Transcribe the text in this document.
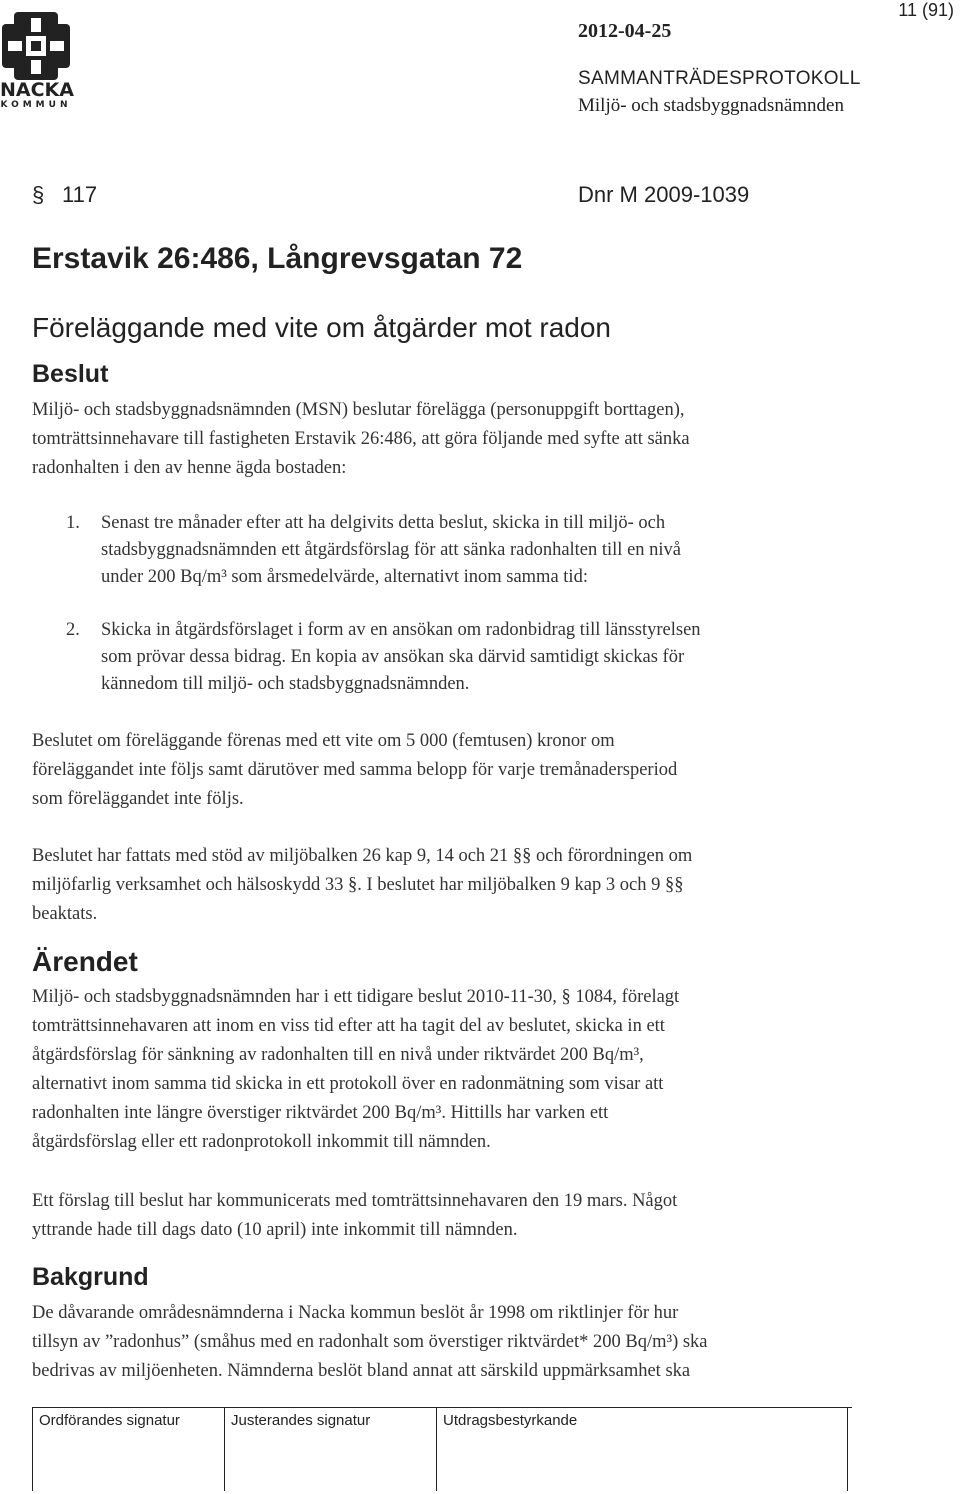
NACKA
KOMMUN
11 (91)
2012-04-25
SAMMANTRÄDESPROTOKOLL
Miljö- och stadsbyggnadsnämnden
§ 117	Dnr M 2009-1039
Erstavik 26:486, Långrevsgatan 72
Föreläggande med vite om åtgärder mot radon
Beslut

Miljö- och stadsbyggnadsnämnden (MSN) beslutar förelägga (personuppgift borttagen),

tomträttsinnehavare till fastigheten Erstavik 26:486, att göra följande med syfte att sänka

radonhalten i den av henne ägda bostaden:

1. Senast tre månader efter att ha delgivits detta beslut, skicka in till miljö- och

stadsbyggnadsnämnden ett åtgärdsförslag för att sänka radonhalten till en nivå

under 200 Bq/m³ som årsmedelvärde, alternativt inom samma tid:

2. Skicka in åtgärdsförslaget i form av en ansökan om radonbidrag till länsstyrelsen

som prövar dessa bidrag. En kopia av ansökan ska därvid samtidigt skickas för

kännedom till miljö- och stadsbyggnadsnämnden.

Beslutet om föreläggande förenas med ett vite om 5 000 (femtusen) kronor om

föreläggandet inte följs samt därutöver med samma belopp för varje tremånadersperiod

som föreläggandet inte följs.

Beslutet har fattats med stöd av miljöbalken 26 kap 9, 14 och 21 §§ och förordningen om

miljöfarlig verksamhet och hälsoskydd 33 §. I beslutet har miljöbalken 9 kap 3 och 9 §§

beaktats.

Ärendet

Miljö- och stadsbyggnadsnämnden har i ett tidigare beslut 2010-11-30, § 1084, förelagt

tomträttsinnehavaren att inom en viss tid efter att ha tagit del av beslutet, skicka in ett

åtgärdsförslag för sänkning av radonhalten till en nivå under riktvärdet 200 Bq/m³,

alternativt inom samma tid skicka in ett protokoll över en radonmätning som visar att

radonhalten inte längre överstiger riktvärdet 200 Bq/m³. Hittills har varken ett

åtgärdsförslag eller ett radonprotokoll inkommit till nämnden.

Ett förslag till beslut har kommunicerats med tomträttsinnehavaren den 19 mars. Något

yttrande hade till dags dato (10 april) inte inkommit till nämnden.

Bakgrund

De dåvarande områdesnämnderna i Nacka kommun beslöt år 1998 om riktlinjer för hur

tillsyn av ”radonhus” (småhus med en radonhalt som överstiger riktvärdet* 200 Bq/m³) ska

bedrivas av miljöenheten. Nämnderna beslöt bland annat att särskild uppmärksamhet ska

Ordförandes signatur	Justerandes signatur	Utdragsbestyrkande
